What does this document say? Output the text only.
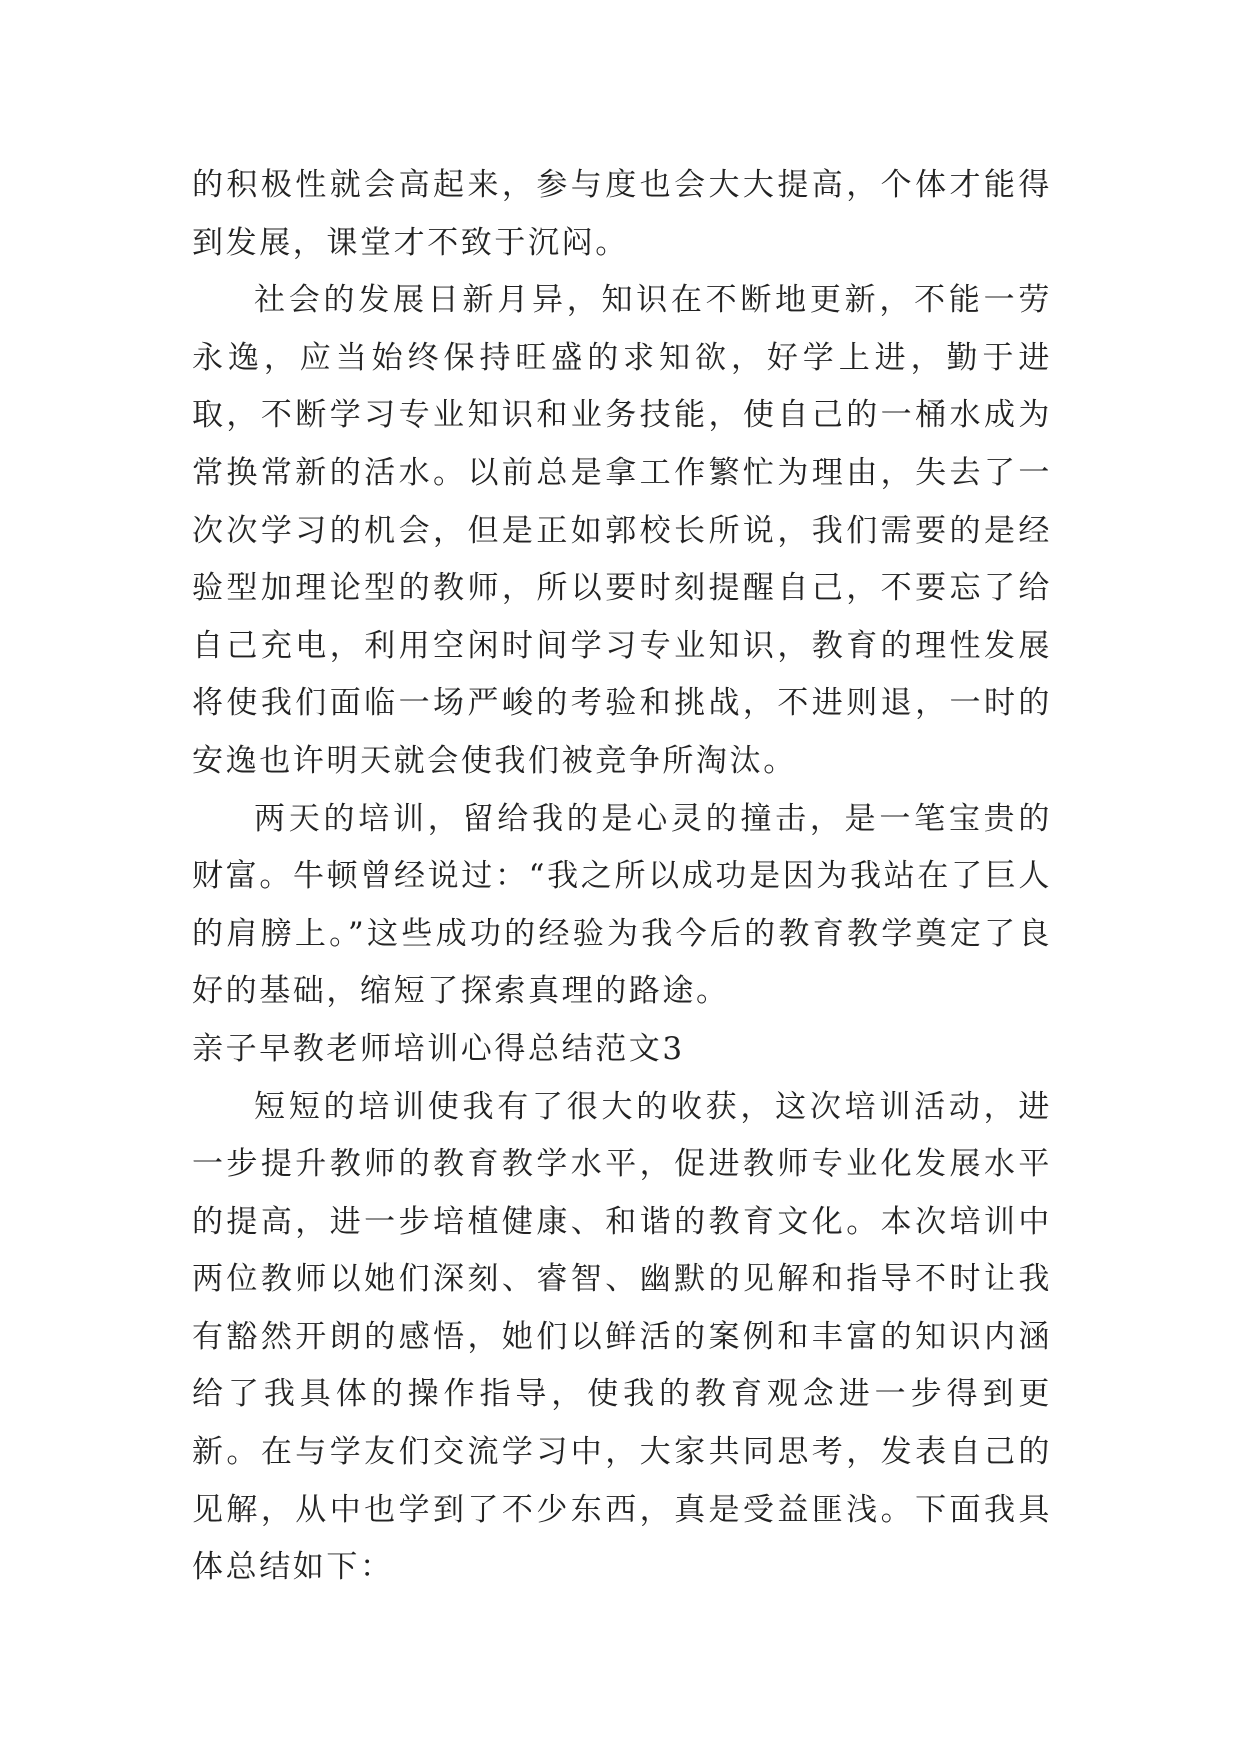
的积极性就会高起来，参与度也会大大提高，个体才能得到发展，课堂才不致于沉闷。

社会的发展日新月异，知识在不断地更新，不能一劳永逸，应当始终保持旺盛的求知欲，好学上进，勤于进取，不断学习专业知识和业务技能，使自己的一桶水成为常换常新的活水。以前总是拿工作繁忙为理由，失去了一次次学习的机会，但是正如郭校长所说，我们需要的是经验型加理论型的教师，所以要时刻提醒自己，不要忘了给自己充电，利用空闲时间学习专业知识，教育的理性发展将使我们面临一场严峻的考验和挑战，不进则退，一时的安逸也许明天就会使我们被竞争所淘汰。

两天的培训，留给我的是心灵的撞击，是一笔宝贵的财富。牛顿曾经说过：“我之所以成功是因为我站在了巨人的肩膀上。”这些成功的经验为我今后的教育教学奠定了良好的基础，缩短了探索真理的路途。

亲子早教老师培训心得总结范文3

短短的培训使我有了很大的收获，这次培训活动，进一步提升教师的教育教学水平，促进教师专业化发展水平的提高，进一步培植健康、和谐的教育文化。本次培训中两位教师以她们深刻、睿智、幽默的见解和指导不时让我有豁然开朗的感悟，她们以鲜活的案例和丰富的知识内涵给了我具体的操作指导，使我的教育观念进一步得到更新。在与学友们交流学习中，大家共同思考，发表自己的见解，从中也学到了不少东西，真是受益匪浅。下面我具体总结如下：
